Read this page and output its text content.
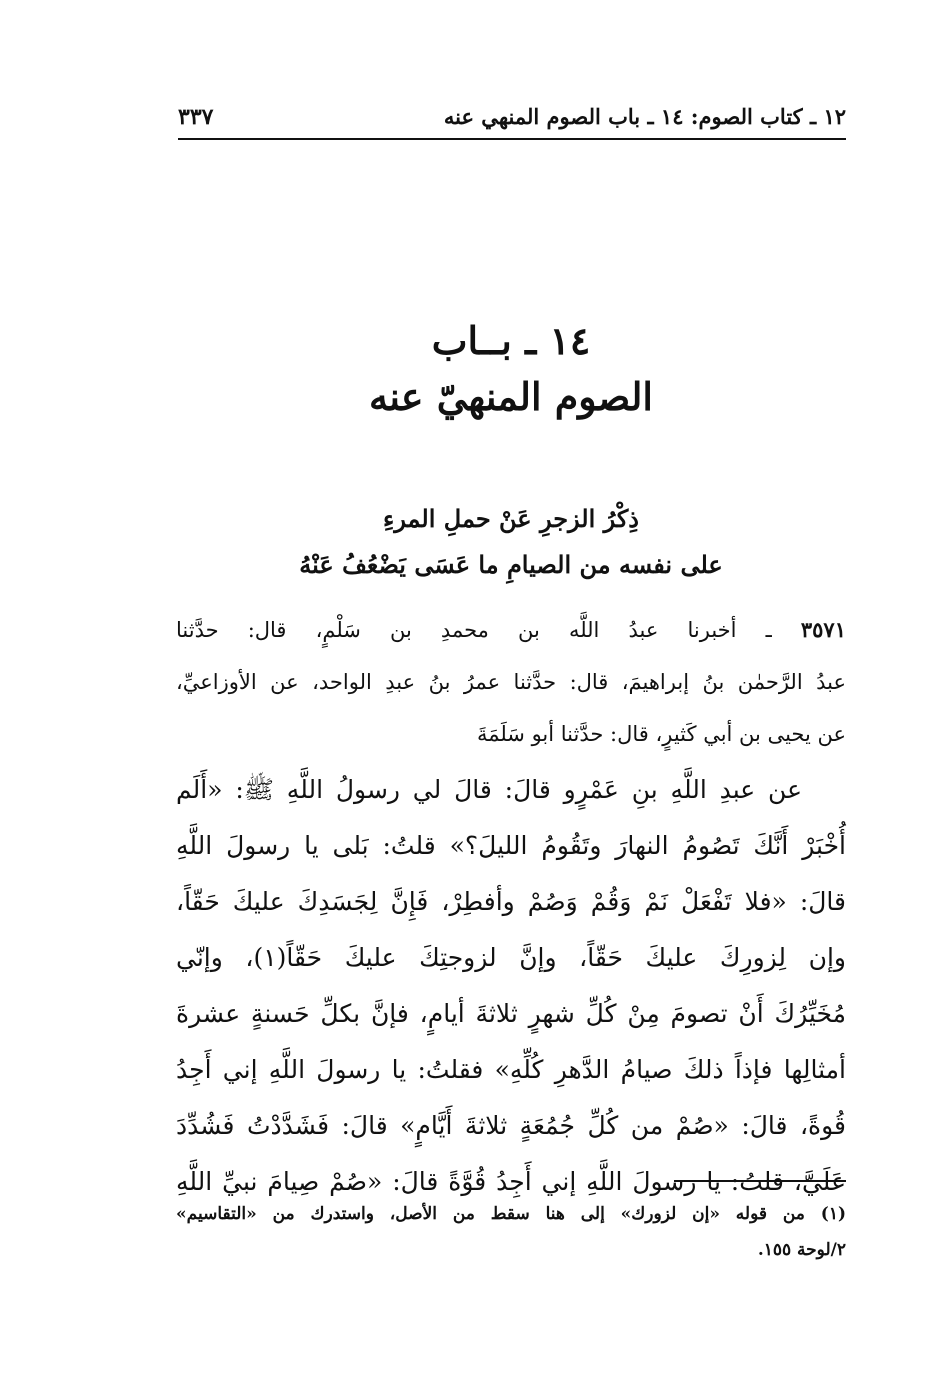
١٢ ـ كتاب الصوم: ١٤ ـ باب الصوم المنهي عنه
٣٣٧
١٤ ـ بــاب
الصوم المنهيّ عنه
ذِكْرُ الزجرِ عَنْ حملِ المرءِ
على نفسه من الصيامِ ما عَسَى يَضْعُفُ عَنْهُ
٣٥٧١ ـ أخبرنا عبدُ اللَّه بن محمدِ بن سَلْمٍ، قال: حدَّثنا
عبدُ الرَّحمٰن بنُ إبراهيمَ، قال: حدَّثنا عمرُ بنُ عبدِ الواحد، عن الأوزاعيِّ،
عن يحيى بن أبي كَثيرٍ، قال: حدَّثنا أبو سَلَمَةَ
عن عبدِ اللَّهِ بنِ عَمْرٍو قالَ: قالَ لي رسولُ اللَّهِ ﷺ: «أَلَم
أُخْبَرْ أَنَّكَ تَصُومُ النهارَ وتَقُومُ الليلَ؟» قلتُ: بَلى يا رسولَ اللَّهِ
قالَ: «فلا تَفْعَلْ نَمْ وَقُمْ وَصُمْ وأفطِرْ، فَإِنَّ لِجَسَدِكَ عليكَ حَقّاً،
وإن لِزورِكَ عليكَ حَقّاً، وإنَّ لزوجتِكَ عليكَ حَقّاً(١)، وإنّي
مُخَيِّرُكَ أَنْ تصومَ مِنْ كُلِّ شهرٍ ثلاثةَ أيامٍ، فإنَّ بكلِّ حَسنةٍ عشرةَ
أمثالِها فإذاً ذلكَ صيامُ الدَّهرِ كُلِّهِ» فقلتُ: يا رسولَ اللَّهِ إني أَجِدُ
قُوةً، قالَ: «صُمْ من كُلِّ جُمُعَةٍ ثلاثةَ أَيَّامٍ» قالَ: فَشَدَّدْتُ فَشُدِّدَ
عَلَيَّ، قلتُ: يا رسولَ اللَّهِ إني أَجِدُ قُوَّةً قالَ: «صُمْ صِيامَ نبيِّ اللَّهِ
(١) من قوله «إن لزورك» إلى هنا سقط من الأصل، واستدرك من «التقاسيم»
٢/لوحة ١٥٥.
